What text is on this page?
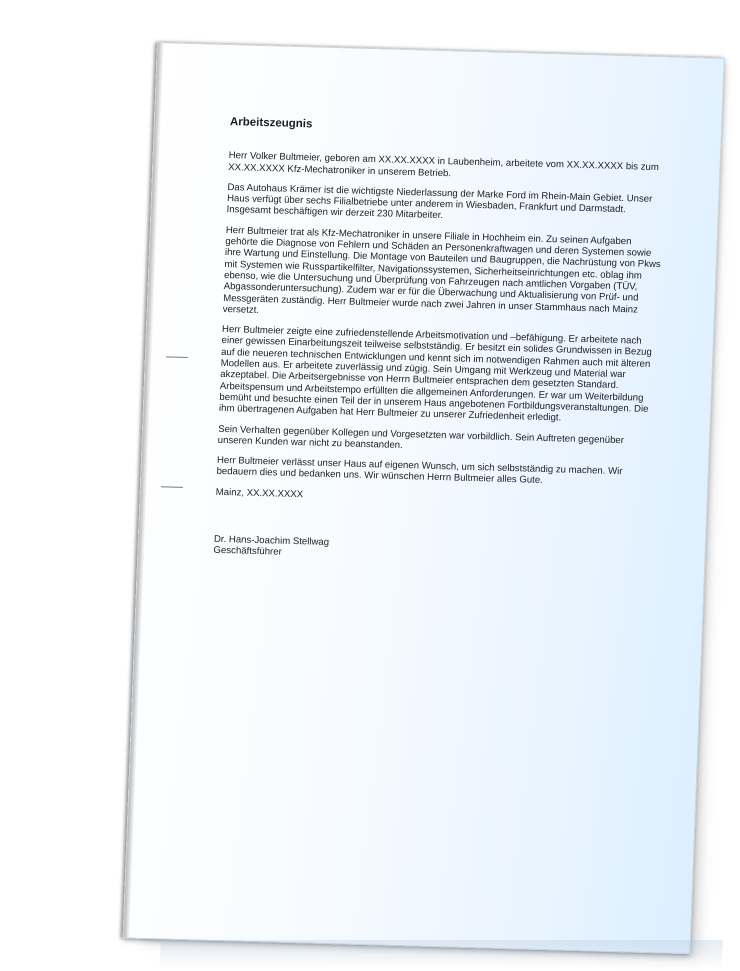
Arbeitszeugnis

Herr Volker Bultmeier, geboren am XX.XX.XXXX in Laubenheim, arbeitete vom XX.XX.XXXX bis zum XX.XX.XXXX Kfz-Mechatroniker in unserem Betrieb.

Das Autohaus Krämer ist die wichtigste Niederlassung der Marke Ford im Rhein-Main Gebiet. Unser Haus verfügt über sechs Filialbetriebe unter anderem in Wiesbaden, Frankfurt und Darmstadt. Insgesamt beschäftigen wir derzeit 230 Mitarbeiter.

Herr Bultmeier trat als Kfz-Mechatroniker in unsere Filiale in Hochheim ein. Zu seinen Aufgaben gehörte die Diagnose von Fehlern und Schäden an Personenkraftwagen und deren Systemen sowie ihre Wartung und Einstellung. Die Montage von Bauteilen und Baugruppen, die Nachrüstung von Pkws mit Systemen wie Russpartikelfilter, Navigationssystemen, Sicherheitseinrichtungen etc. oblag ihm ebenso, wie die Untersuchung und Überprüfung von Fahrzeugen nach amtlichen Vorgaben (TÜV, Abgassonderuntersuchung). Zudem war er für die Überwachung und Aktualisierung von Prüf- und Messgeräten zuständig. Herr Bultmeier wurde nach zwei Jahren in unser Stammhaus nach Mainz versetzt.

Herr Bultmeier zeigte eine zufriedenstellende Arbeitsmotivation und –befähigung. Er arbeitete nach einer gewissen Einarbeitungszeit teilweise selbstständig. Er besitzt ein solides Grundwissen in Bezug auf die neueren technischen Entwicklungen und kennt sich im notwendigen Rahmen auch mit älteren Modellen aus. Er arbeitete zuverlässig und zügig. Sein Umgang mit Werkzeug und Material war akzeptabel. Die Arbeitsergebnisse von Herrn Bultmeier entsprachen dem gesetzten Standard. Arbeitspensum und Arbeitstempo erfüllten die allgemeinen Anforderungen. Er war um Weiterbildung bemüht und besuchte einen Teil der in unserem Haus angebotenen Fortbildungsveranstaltungen. Die ihm übertragenen Aufgaben hat Herr Bultmeier zu unserer Zufriedenheit erledigt.

Sein Verhalten gegenüber Kollegen und Vorgesetzten war vorbildlich. Sein Auftreten gegenüber unseren Kunden war nicht zu beanstanden.

Herr Bultmeier verlässt unser Haus auf eigenen Wunsch, um sich selbstständig zu machen. Wir bedauern dies und bedanken uns. Wir wünschen Herrn Bultmeier alles Gute.

Mainz, XX.XX.XXXX

Dr. Hans-Joachim Stellwag

Geschäftsführer
